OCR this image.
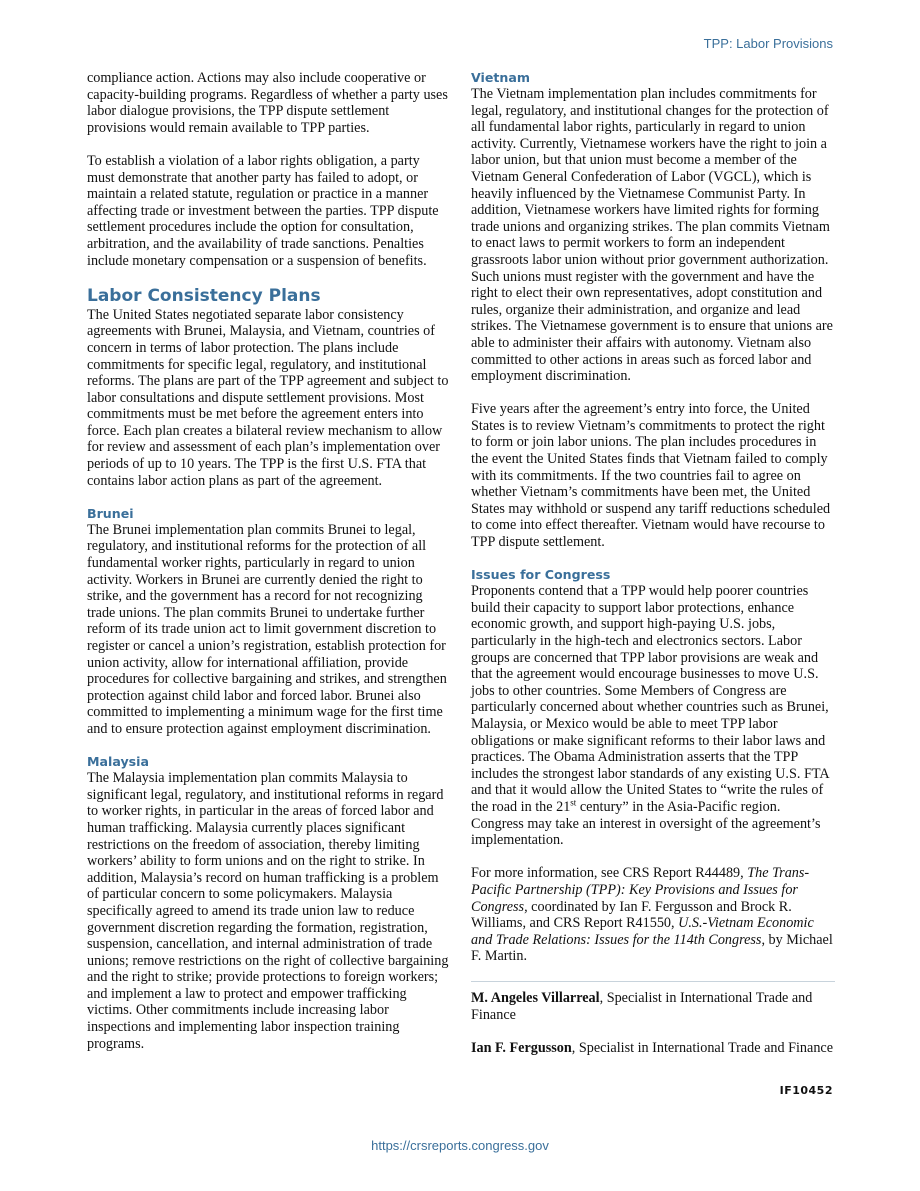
TPP: Labor Provisions

compliance action. Actions may also include cooperative or capacity-building programs. Regardless of whether a party uses labor dialogue provisions, the TPP dispute settlement provisions would remain available to TPP parties.

To establish a violation of a labor rights obligation, a party must demonstrate that another party has failed to adopt, or maintain a related statute, regulation or practice in a manner affecting trade or investment between the parties. TPP dispute settlement procedures include the option for consultation, arbitration, and the availability of trade sanctions. Penalties include monetary compensation or a suspension of benefits.

Labor Consistency Plans

The United States negotiated separate labor consistency agreements with Brunei, Malaysia, and Vietnam, countries of concern in terms of labor protection. The plans include commitments for specific legal, regulatory, and institutional reforms. The plans are part of the TPP agreement and subject to labor consultations and dispute settlement provisions. Most commitments must be met before the agreement enters into force. Each plan creates a bilateral review mechanism to allow for review and assessment of each plan’s implementation over periods of up to 10 years. The TPP is the first U.S. FTA that contains labor action plans as part of the agreement.

Brunei

The Brunei implementation plan commits Brunei to legal, regulatory, and institutional reforms for the protection of all fundamental worker rights, particularly in regard to union activity. Workers in Brunei are currently denied the right to strike, and the government has a record for not recognizing trade unions. The plan commits Brunei to undertake further reform of its trade union act to limit government discretion to register or cancel a union’s registration, establish protection for union activity, allow for international affiliation, provide procedures for collective bargaining and strikes, and strengthen protection against child labor and forced labor. Brunei also committed to implementing a minimum wage for the first time and to ensure protection against employment discrimination.

Malaysia

The Malaysia implementation plan commits Malaysia to significant legal, regulatory, and institutional reforms in regard to worker rights, in particular in the areas of forced labor and human trafficking. Malaysia currently places significant restrictions on the freedom of association, thereby limiting workers’ ability to form unions and on the right to strike. In addition, Malaysia’s record on human trafficking is a problem of particular concern to some policymakers. Malaysia specifically agreed to amend its trade union law to reduce government discretion regarding the formation, registration, suspension, cancellation, and internal administration of trade unions; remove restrictions on the right of collective bargaining and the right to strike; provide protections to foreign workers; and implement a law to protect and empower trafficking victims. Other commitments include increasing labor inspections and implementing labor inspection training programs.

Vietnam

The Vietnam implementation plan includes commitments for legal, regulatory, and institutional changes for the protection of all fundamental labor rights, particularly in regard to union activity. Currently, Vietnamese workers have the right to join a labor union, but that union must become a member of the Vietnam General Confederation of Labor (VGCL), which is heavily influenced by the Vietnamese Communist Party. In addition, Vietnamese workers have limited rights for forming trade unions and organizing strikes. The plan commits Vietnam to enact laws to permit workers to form an independent grassroots labor union without prior government authorization. Such unions must register with the government and have the right to elect their own representatives, adopt constitution and rules, organize their administration, and organize and lead strikes. The Vietnamese government is to ensure that unions are able to administer their affairs with autonomy. Vietnam also committed to other actions in areas such as forced labor and employment discrimination.

Five years after the agreement’s entry into force, the United States is to review Vietnam’s commitments to protect the right to form or join labor unions. The plan includes procedures in the event the United States finds that Vietnam failed to comply with its commitments. If the two countries fail to agree on whether Vietnam’s commitments have been met, the United States may withhold or suspend any tariff reductions scheduled to come into effect thereafter. Vietnam would have recourse to TPP dispute settlement.

Issues for Congress

Proponents contend that a TPP would help poorer countries build their capacity to support labor protections, enhance economic growth, and support high-paying U.S. jobs, particularly in the high-tech and electronics sectors. Labor groups are concerned that TPP labor provisions are weak and that the agreement would encourage businesses to move U.S. jobs to other countries. Some Members of Congress are particularly concerned about whether countries such as Brunei, Malaysia, or Mexico would be able to meet TPP labor obligations or make significant reforms to their labor laws and practices. The Obama Administration asserts that the TPP includes the strongest labor standards of any existing U.S. FTA and that it would allow the United States to “write the rules of the road in the 21st century” in the Asia-Pacific region. Congress may take an interest in oversight of the agreement’s implementation.

For more information, see CRS Report R44489, The Trans-Pacific Partnership (TPP): Key Provisions and Issues for Congress, coordinated by Ian F. Fergusson and Brock R. Williams, and CRS Report R41550, U.S.-Vietnam Economic and Trade Relations: Issues for the 114th Congress, by Michael F. Martin.

M. Angeles Villarreal, Specialist in International Trade and Finance

Ian F. Fergusson, Specialist in International Trade and Finance

IF10452
https://crsreports.congress.gov
